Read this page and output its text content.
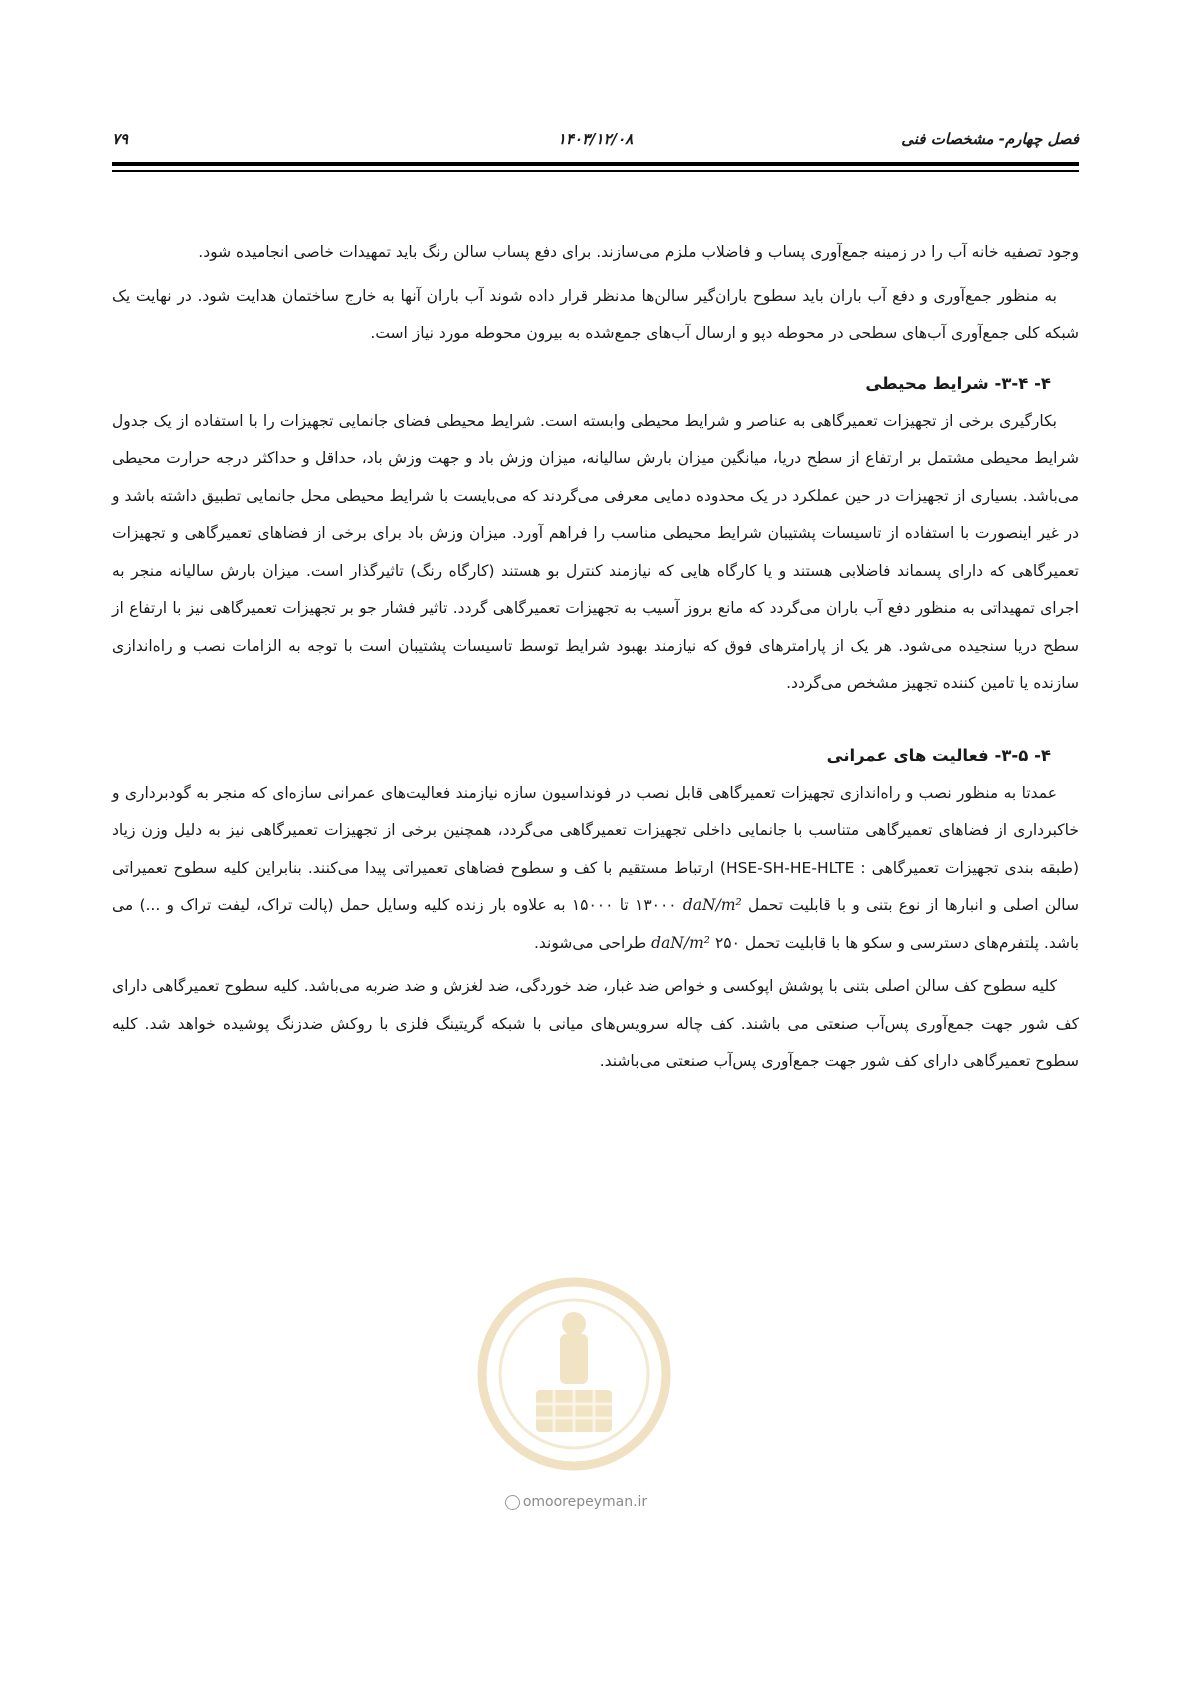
فصل چهارم- مشخصات فنی
۱۴۰۳/۱۲/۰۸
۷۹

وجود تصفیه خانه آب را در زمینه جمع‌آوری پساب و فاضلاب ملزم می‌سازند. برای دفع پساب سالن رنگ باید تمهیدات خاصی انجامیده شود.

به منظور جمع‌آوری و دفع آب باران باید سطوح باران‌گیر سالن‌ها مدنظر قرار داده شوند آب باران آنها به خارج ساختمان هدایت شود. در نهایت یک شبکه کلی جمع‌آوری آب‌های سطحی در محوطه دپو و ارسال آب‌های جمع‌شده به بیرون محوطه مورد نیاز است.

۴- ۳-۴- شرایط محیطی

بکارگیری برخی از تجهیزات تعمیرگاهی به عناصر و شرایط محیطی وابسته است. شرایط محیطی فضای جانمایی تجهیزات را با استفاده از یک جدول شرایط محیطی مشتمل بر ارتفاع از سطح دریا، میانگین میزان بارش سالیانه، میزان وزش باد و جهت وزش باد، حداقل و حداکثر درجه حرارت محیطی می‌باشد. بسیاری از تجهیزات در حین عملکرد در یک محدوده دمایی معرفی می‌گردند که می‌بایست با شرایط محیطی محل جانمایی تطبیق داشته باشد و در غیر اینصورت با استفاده از تاسیسات پشتیبان شرایط محیطی مناسب را فراهم آورد. میزان وزش باد برای برخی از فضاهای تعمیرگاهی و تجهیزات تعمیرگاهی که دارای پسماند فاضلابی هستند و یا کارگاه هایی که نیازمند کنترل بو هستند (کارگاه رنگ) تاثیرگذار است. میزان بارش سالیانه منجر به اجرای تمهیداتی به منظور دفع آب باران می‌گردد که مانع بروز آسیب به تجهیزات تعمیرگاهی گردد. تاثیر فشار جو بر تجهیزات تعمیرگاهی نیز با ارتفاع از سطح دریا سنجیده می‌شود. هر یک از پارامترهای فوق که نیازمند بهبود شرایط توسط تاسیسات پشتیبان است با توجه به الزامات نصب و راه‌اندازی سازنده یا تامین کننده تجهیز مشخص می‌گردد.

۴- ۳-۵- فعالیت های عمرانی

عمدتا به منظور نصب و راه‌اندازی تجهیزات تعمیرگاهی قابل نصب در فونداسیون سازه نیازمند فعالیت‌های عمرانی سازه‌ای که منجر به گودبرداری و خاکبرداری از فضاهای تعمیرگاهی متناسب با جانمایی داخلی تجهیزات تعمیرگاهی می‌گردد، همچنین برخی از تجهیزات تعمیرگاهی نیز به دلیل وزن زیاد (طبقه بندی تجهیزات تعمیرگاهی : HSE-SH-HE-HLTE) ارتباط مستقیم با کف و سطوح فضاهای تعمیراتی پیدا می‌کنند. بنابراین کلیه سطوح تعمیراتی سالن اصلی و انبارها از نوع بتنی و با قابلیت تحمل daN/m² ۱۳۰۰۰ تا ۱۵۰۰۰ به علاوه بار زنده کلیه وسایل حمل (پالت تراک، لیفت تراک و ...) می باشد. پلتفرم‌های دسترسی و سکو ها با قابلیت تحمل ۲۵۰ daN/m² طراحی می‌شوند.

کلیه سطوح کف سالن اصلی بتنی با پوشش اپوکسی و خواص ضد غبار، ضد خوردگی، ضد لغزش و ضد ضربه می‌باشد. کلیه سطوح تعمیرگاهی دارای کف شور جهت جمع‌آوری پس‌آب صنعتی می باشند. کف چاله سرویس‌های میانی با شبکه گریتینگ فلزی با روکش ضدزنگ پوشیده خواهد شد. کلیه سطوح تعمیرگاهی دارای کف شور جهت جمع‌آوری پس‌آب صنعتی می‌باشند.

omoorepeyman.ir
